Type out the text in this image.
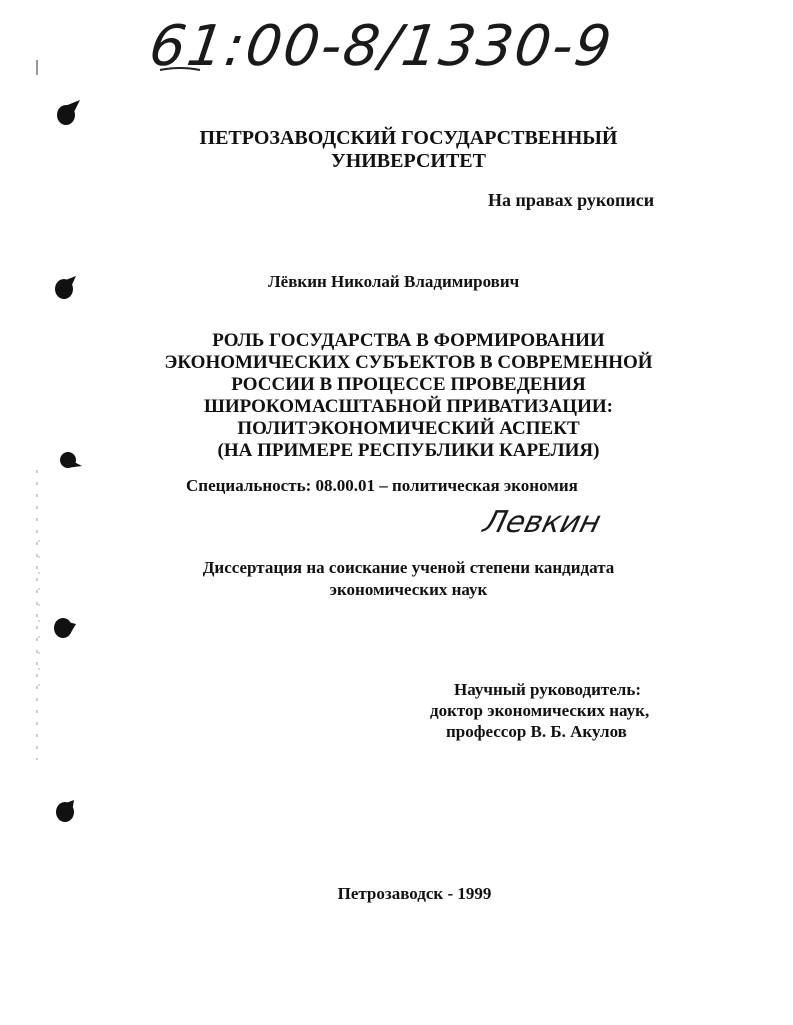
61:00-8/1330-9
ПЕТРОЗАВОДСКИЙ ГОСУДАРСТВЕННЫЙ
УНИВЕРСИТЕТ
На правах рукописи
Лёвкин Николай Владимирович
РОЛЬ ГОСУДАРСТВА В ФОРМИРОВАНИИ
ЭКОНОМИЧЕСКИХ СУБЪЕКТОВ В СОВРЕМЕННОЙ
РОССИИ В ПРОЦЕССЕ ПРОВЕДЕНИЯ
ШИРОКОМАСШТАБНОЙ ПРИВАТИЗАЦИИ:
ПОЛИТЭКОНОМИЧЕСКИЙ АСПЕКТ
(НА ПРИМЕРЕ РЕСПУБЛИКИ КАРЕЛИЯ)
Специальность: 08.00.01 – политическая экономия
Левкин
Диссертация на соискание ученой степени кандидата
экономических наук
Научный руководитель:
доктор экономических наук,
профессор В. Б. Акулов
Петрозаводск - 1999
